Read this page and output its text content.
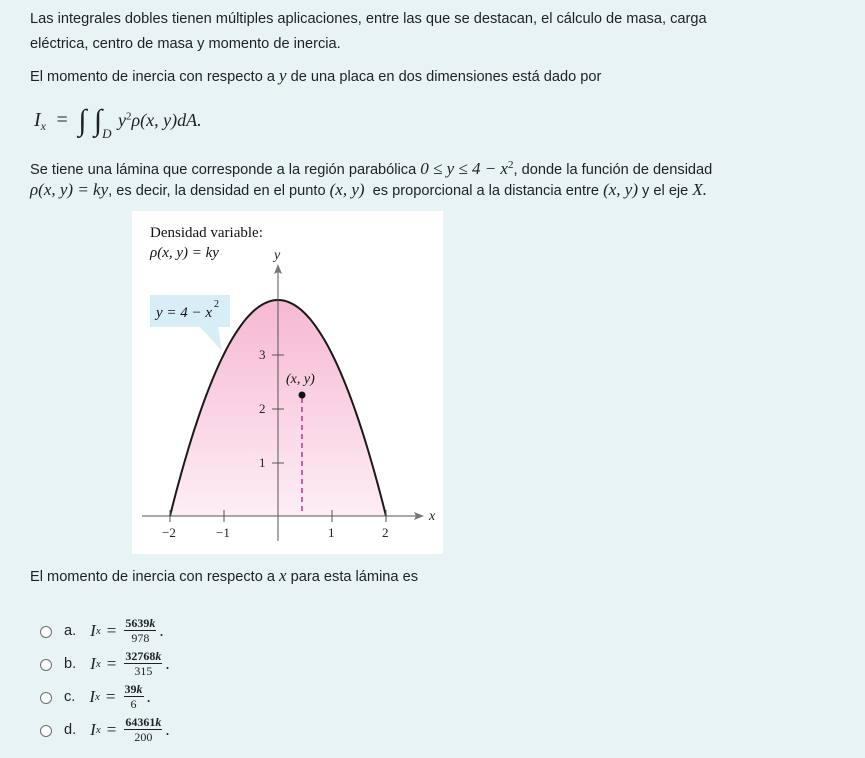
Las integrales dobles tienen múltiples aplicaciones, entre las que se destacan, el cálculo de masa, carga
eléctrica, centro de masa y momento de inercia.
El momento de inercia con respecto a y de una placa en dos dimensiones está dado por
$I_x$ = ∫ $\int_D$ $y^2\rho(x$, y)dA.
Se tiene una lámina que corresponde a la región parabólica $0 \le y \le 4 - x^2$, donde la función de densidad
ρ(x, y) = ky, es decir, la densidad en el punto (x, y)  es proporcional a la distancia entre (x, y) y el eje X.
−2	−1	1	2
1
2
3
y
x
Densidad variable:
ρ(x, y) = ky
y = 4 − x
2
(x, y)
El momento de inercia con respecto a x para esta lámina es
a. I $x = \frac{5639k}{978}$ .
b. I $x = \frac{32768k}{315}$ .
c. I $x = \frac{39k}{6}$ .
d. I $x = \frac{64361k}{200}$ .
